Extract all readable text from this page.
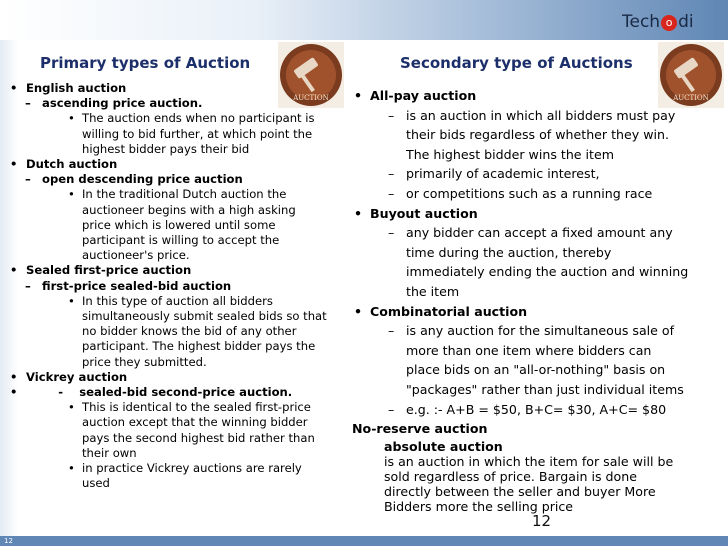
Tech o di
Primary types of Auction	Secondary type of Auctions
AUCTION	AUCTION
• English auction
– ascending price auction.
• The auction ends when no participant is
willing to bid further, at which point the
highest bidder pays their bid
• Dutch auction
– open descending price auction
• In the traditional Dutch auction the
auctioneer begins with a high asking
price which is lowered until some
participant is willing to accept the
auctioneer's price.
• Sealed first-price auction
– first-price sealed-bid auction
• In this type of auction all bidders
simultaneously submit sealed bids so that
no bidder knows the bid of any other
participant. The highest bidder pays the
price they submitted.
• Vickrey auction
•         -    sealed-bid second-price auction.
• This is identical to the sealed first-price
auction except that the winning bidder
pays the second highest bid rather than
their own
• in practice Vickrey auctions are rarely
used
• All-pay auction
– is an auction in which all bidders must pay
their bids regardless of whether they win.
The highest bidder wins the item
– primarily of academic interest,
– or competitions such as a running race
• Buyout auction
– any bidder can accept a fixed amount any
time during the auction, thereby
immediately ending the auction and winning
the item
• Combinatorial auction
– is any auction for the simultaneous sale of
more than one item where bidders can
place bids on an "all-or-nothing" basis on
"packages" rather than just individual items
– e.g. :- A+B = $50, B+C= $30, A+C= $80
No-reserve auction
absolute auction
is an auction in which the item for sale will be
sold regardless of price. Bargain is done
directly between the seller and buyer More
Bidders more the selling price
12
12
